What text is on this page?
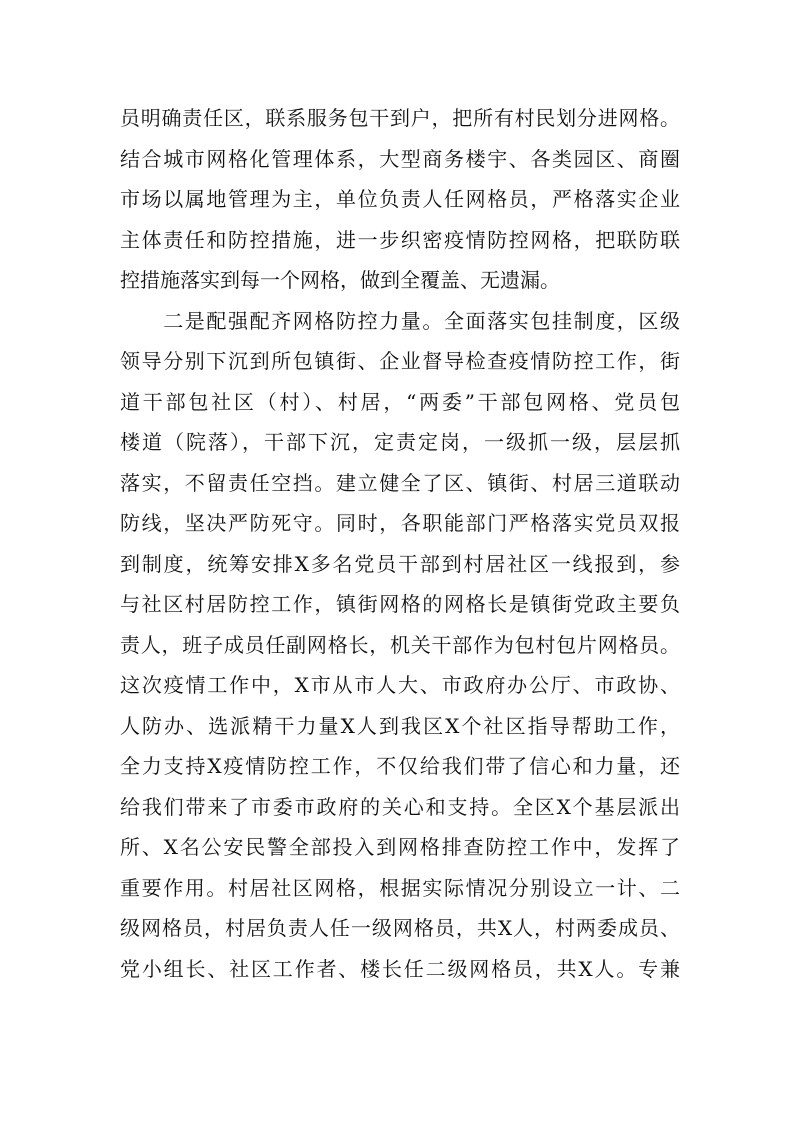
员明确责任区，联系服务包干到户，把所有村民划分进网格。
结合城市网格化管理体系，大型商务楼宇、各类园区、商圈
市场以属地管理为主，单位负责人任网格员，严格落实企业
主体责任和防控措施，进一步织密疫情防控网格，把联防联
控措施落实到每一个网格，做到全覆盖、无遗漏。
　　二是配强配齐网格防控力量。全面落实包挂制度，区级
领导分别下沉到所包镇街、企业督导检查疫情防控工作，街
道干部包社区（村）、村居，“两委”干部包网格、党员包
楼道（院落），干部下沉，定责定岗，一级抓一级，层层抓
落实，不留责任空挡。建立健全了区、镇街、村居三道联动
防线，坚决严防死守。同时，各职能部门严格落实党员双报
到制度，统筹安排X多名党员干部到村居社区一线报到，参
与社区村居防控工作，镇街网格的网格长是镇街党政主要负
责人，班子成员任副网格长，机关干部作为包村包片网格员。
这次疫情工作中，X市从市人大、市政府办公厅、市政协、
人防办、选派精干力量X人到我区X个社区指导帮助工作，
全力支持X疫情防控工作，不仅给我们带了信心和力量，还
给我们带来了市委市政府的关心和支持。全区X个基层派出
所、X名公安民警全部投入到网格排查防控工作中，发挥了
重要作用。村居社区网格，根据实际情况分别设立一计、二
级网格员，村居负责人任一级网格员，共X人，村两委成员、
党小组长、社区工作者、楼长任二级网格员，共X人。专兼
